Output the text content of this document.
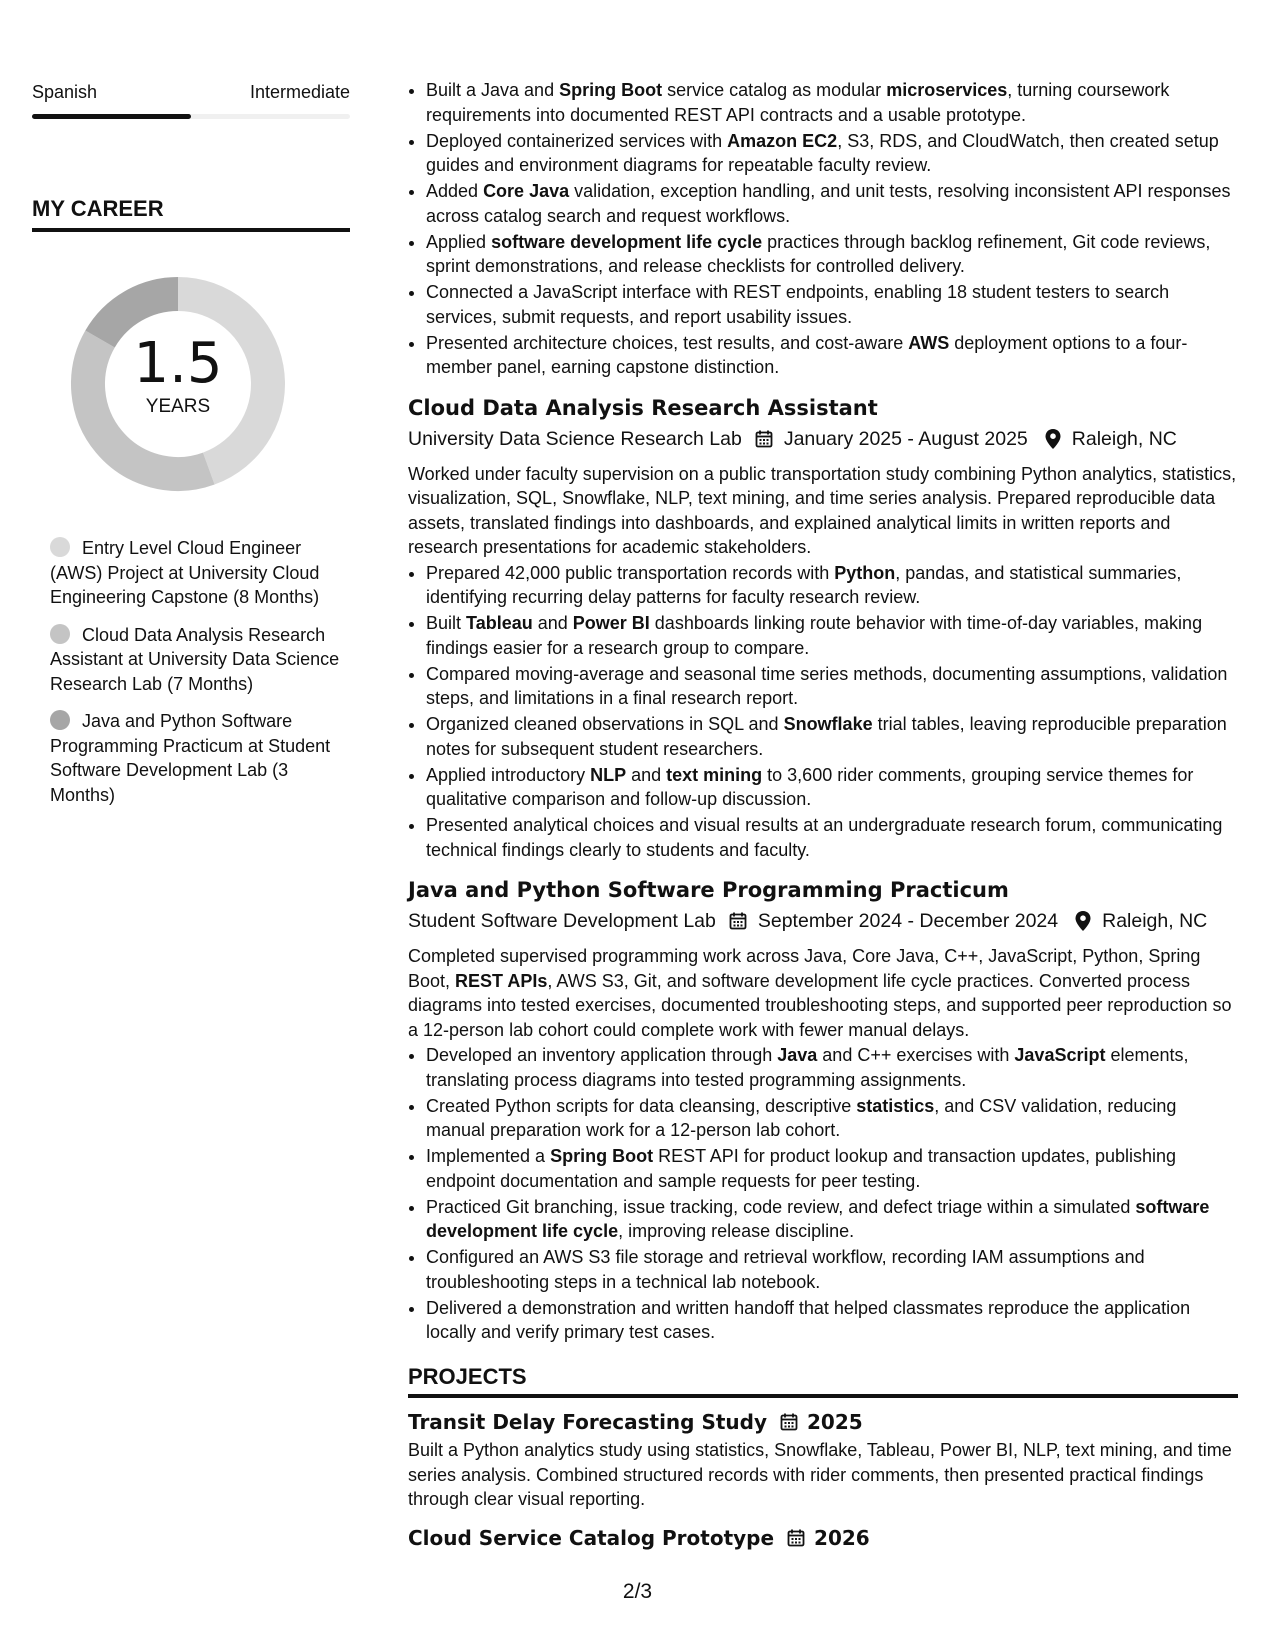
Spanish	Intermediate
MY CAREER
1.5
YEARS
Entry Level Cloud Engineer (AWS) Project at University Cloud Engineering Capstone (8 Months)
Cloud Data Analysis Research Assistant at University Data Science Research Lab (7 Months)
Java and Python Software Programming Practicum at Student Software Development Lab (3 Months)
• Built a Java and Spring Boot service catalog as modular microservices, turning coursework requirements into documented REST API contracts and a usable prototype.
• Deployed containerized services with Amazon EC2, S3, RDS, and CloudWatch, then created setup guides and environment diagrams for repeatable faculty review.
• Added Core Java validation, exception handling, and unit tests, resolving inconsistent API responses across catalog search and request workflows.
• Applied software development life cycle practices through backlog refinement, Git code reviews, sprint demonstrations, and release checklists for controlled delivery.
• Connected a JavaScript interface with REST endpoints, enabling 18 student testers to search services, submit requests, and report usability issues.
• Presented architecture choices, test results, and cost-aware AWS deployment options to a four-member panel, earning capstone distinction.
Cloud Data Analysis Research Assistant
University Data Science Research Lab January 2025 - August 2025 Raleigh, NC
Worked under faculty supervision on a public transportation study combining Python analytics, statistics, visualization, SQL, Snowflake, NLP, text mining, and time series analysis. Prepared reproducible data assets, translated findings into dashboards, and explained analytical limits in written reports and research presentations for academic stakeholders.
• Prepared 42,000 public transportation records with Python, pandas, and statistical summaries, identifying recurring delay patterns for faculty research review.
• Built Tableau and Power BI dashboards linking route behavior with time-of-day variables, making findings easier for a research group to compare.
• Compared moving-average and seasonal time series methods, documenting assumptions, validation steps, and limitations in a final research report.
• Organized cleaned observations in SQL and Snowflake trial tables, leaving reproducible preparation notes for subsequent student researchers.
• Applied introductory NLP and text mining to 3,600 rider comments, grouping service themes for qualitative comparison and follow-up discussion.
• Presented analytical choices and visual results at an undergraduate research forum, communicating technical findings clearly to students and faculty.
Java and Python Software Programming Practicum
Student Software Development Lab September 2024 - December 2024 Raleigh, NC
Completed supervised programming work across Java, Core Java, C++, JavaScript, Python, Spring Boot, REST APIs, AWS S3, Git, and software development life cycle practices. Converted process diagrams into tested exercises, documented troubleshooting steps, and supported peer reproduction so a 12-person lab cohort could complete work with fewer manual delays.
• Developed an inventory application through Java and C++ exercises with JavaScript elements, translating process diagrams into tested programming assignments.
• Created Python scripts for data cleansing, descriptive statistics, and CSV validation, reducing manual preparation work for a 12-person lab cohort.
• Implemented a Spring Boot REST API for product lookup and transaction updates, publishing endpoint documentation and sample requests for peer testing.
• Practiced Git branching, issue tracking, code review, and defect triage within a simulated software development life cycle, improving release discipline.
• Configured an AWS S3 file storage and retrieval workflow, recording IAM assumptions and troubleshooting steps in a technical lab notebook.
• Delivered a demonstration and written handoff that helped classmates reproduce the application locally and verify primary test cases.
PROJECTS
Transit Delay Forecasting Study 2025
Built a Python analytics study using statistics, Snowflake, Tableau, Power BI, NLP, text mining, and time series analysis. Combined structured records with rider comments, then presented practical findings through clear visual reporting.
Cloud Service Catalog Prototype 2026
2/3
